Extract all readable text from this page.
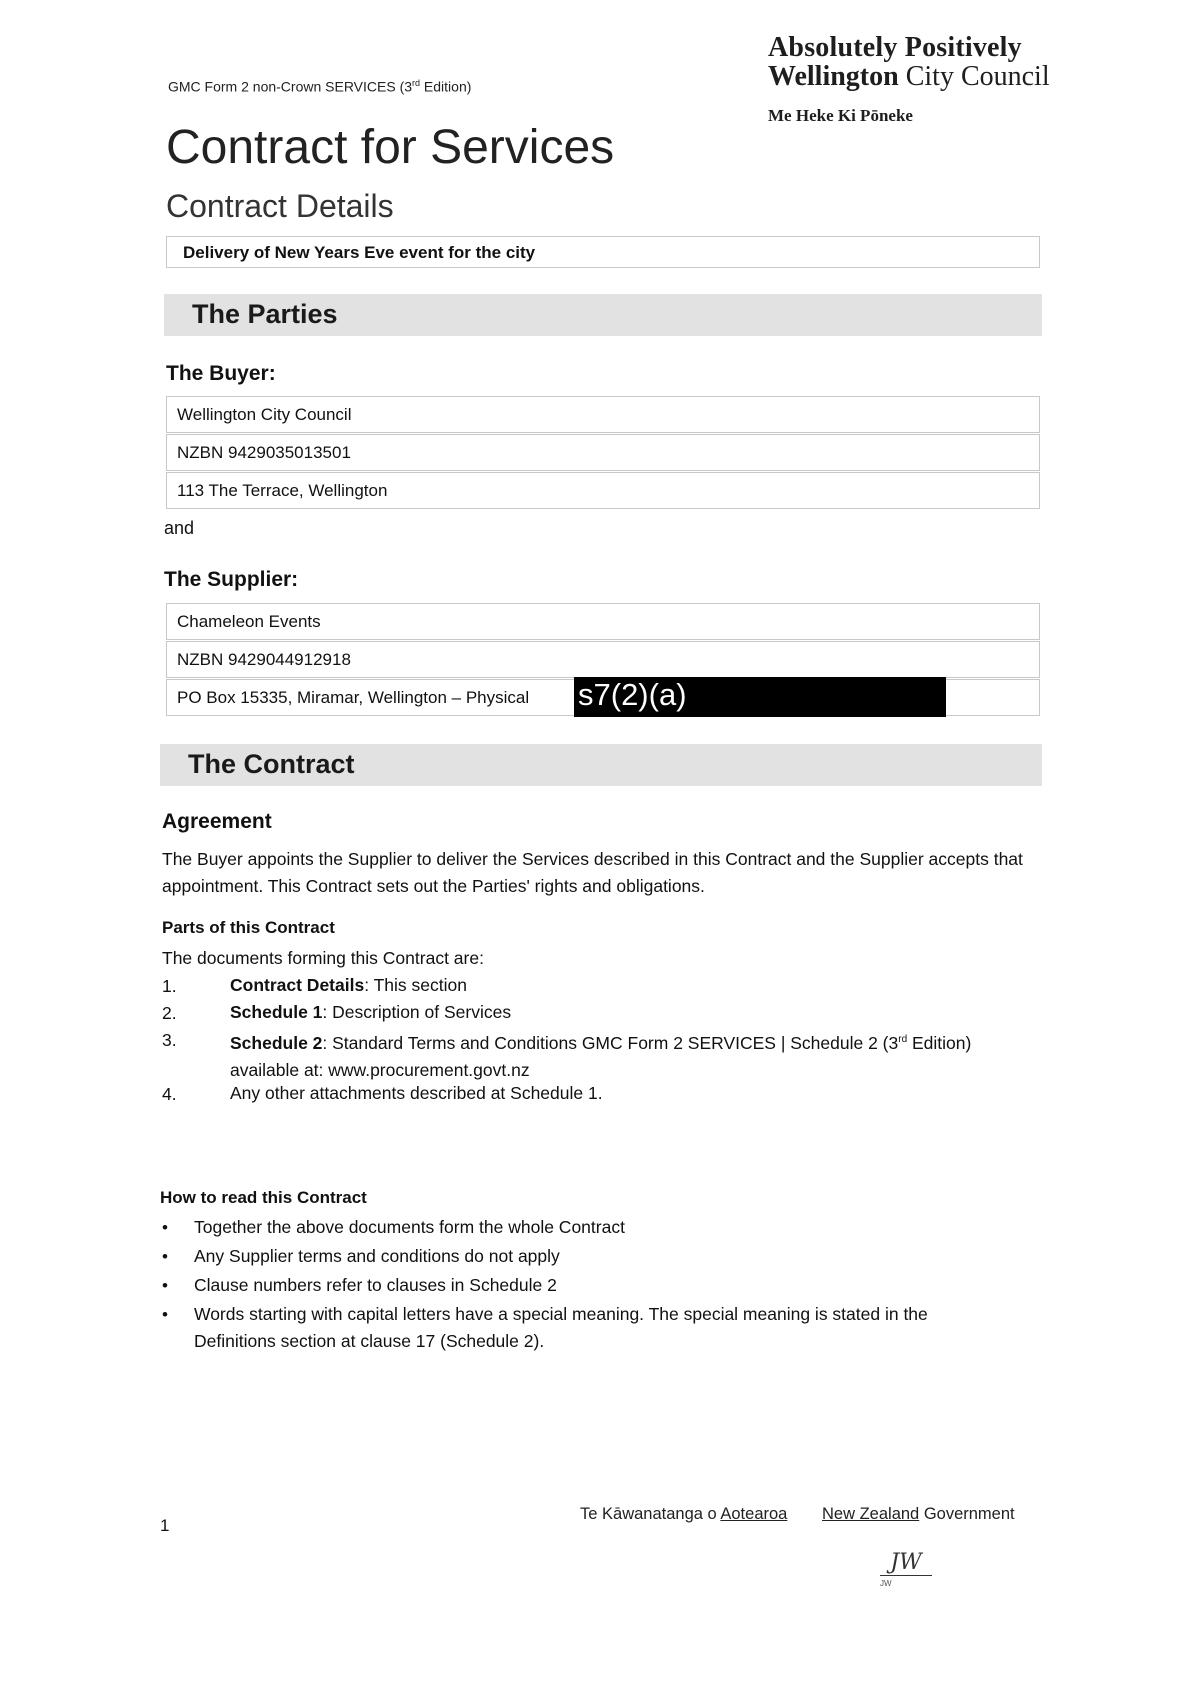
GMC Form 2 non-Crown SERVICES (3rd Edition)
Absolutely Positively
Wellington City Council
Me Heke Ki Pōneke
Contract for Services
Contract Details
Delivery of New Years Eve event for the city
The Parties
The Buyer:
Wellington City Council
NZBN 9429035013501
113 The Terrace, Wellington
and
The Supplier:
Chameleon Events
NZBN 9429044912918
PO Box 15335, Miramar, Wellington – Physical	s7(2)(a)
The Contract
Agreement
The Buyer appoints the Supplier to deliver the Services described in this Contract and the Supplier accepts that appointment. This Contract sets out the Parties' rights and obligations.
Parts of this Contract
The documents forming this Contract are:
1.	Contract Details: This section
2.	Schedule 1: Description of Services
3.	Schedule 2: Standard Terms and Conditions GMC Form 2 SERVICES | Schedule 2 (3rd Edition) available at: www.procurement.govt.nz
4.	Any other attachments described at Schedule 1.
How to read this Contract
• Together the above documents form the whole Contract
• Any Supplier terms and conditions do not apply
• Clause numbers refer to clauses in Schedule 2
• Words starting with capital letters have a special meaning. The special meaning is stated in the Definitions section at clause 17 (Schedule 2).
1
Te Kāwanatanga o Aotearoa New Zealand Government
JW
JW
